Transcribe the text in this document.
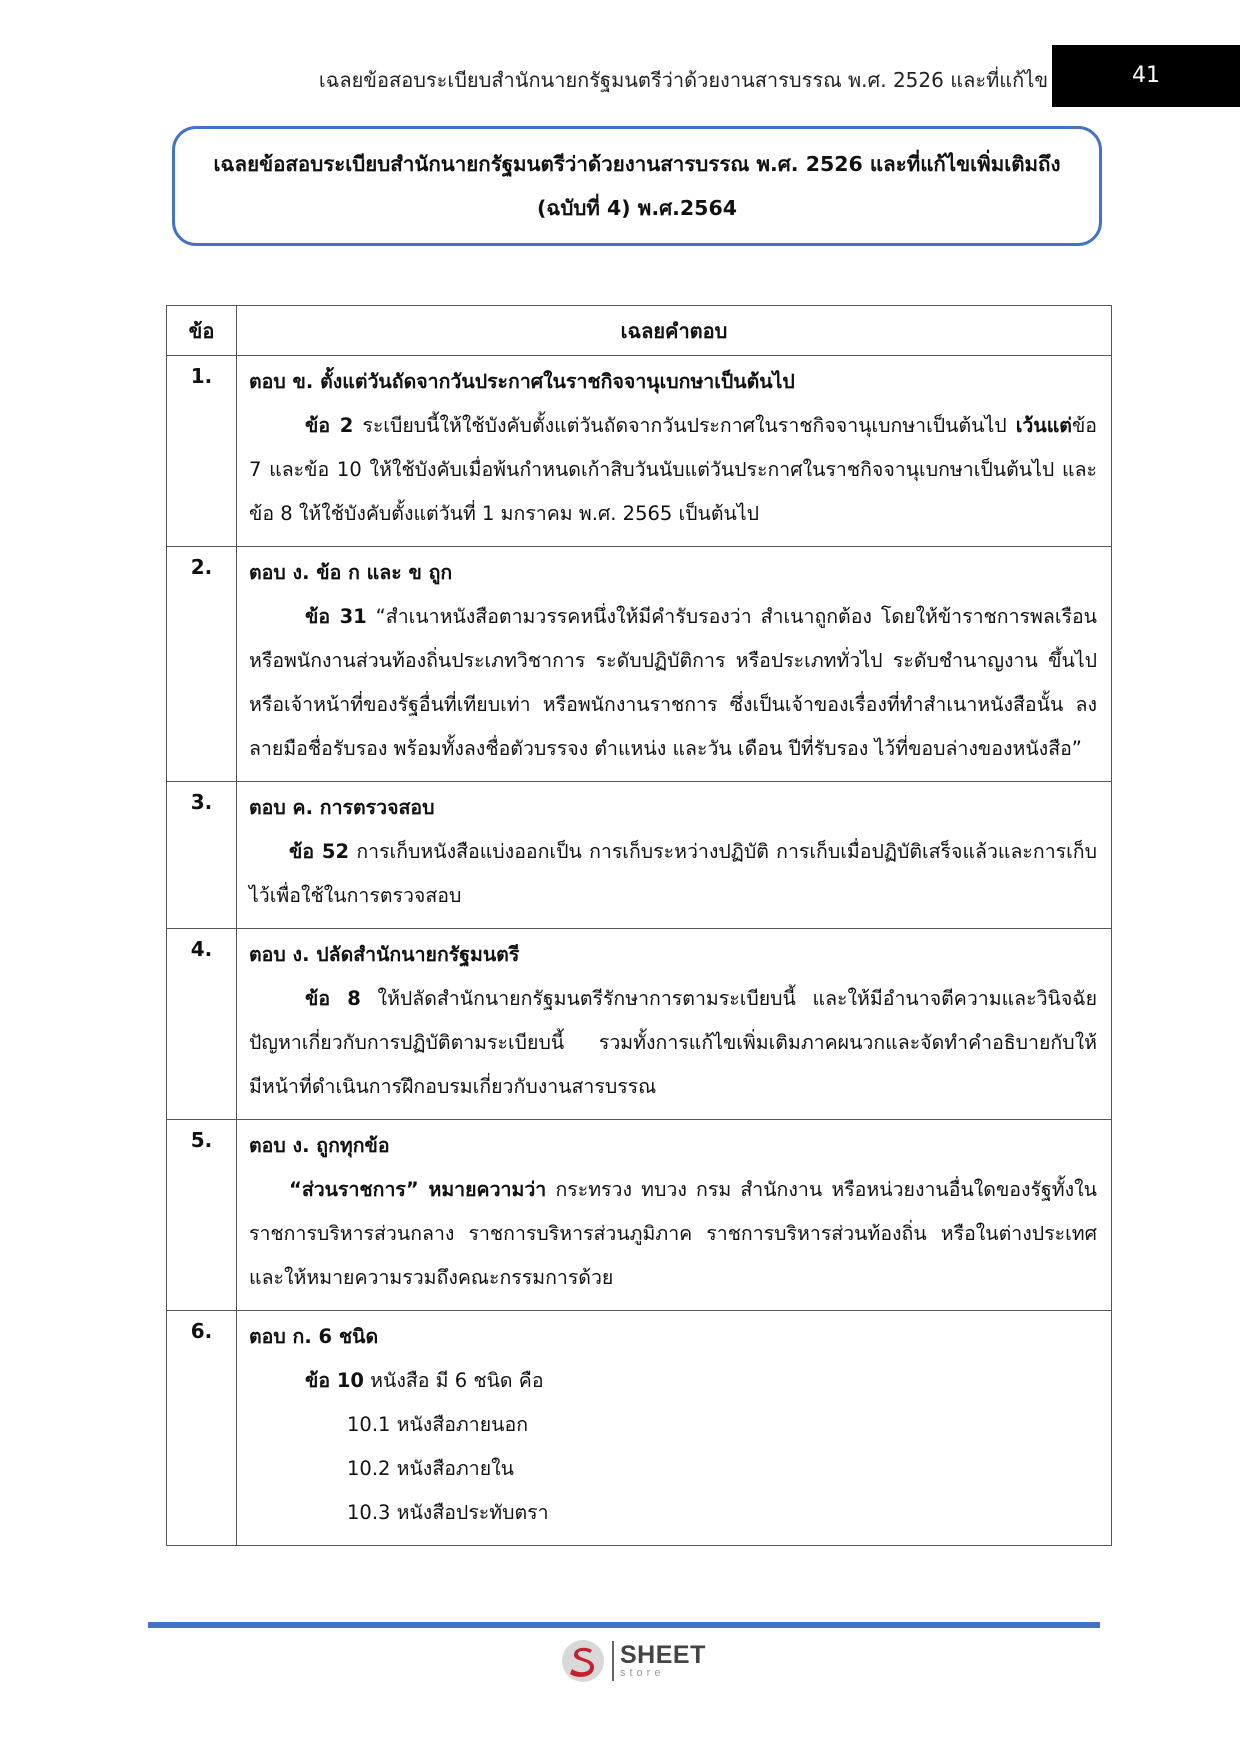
เฉลยข้อสอบระเบียบสำนักนายกรัฐมนตรีว่าด้วยงานสารบรรณ พ.ศ. 2526 และที่แก้ไข	41
เฉลยข้อสอบระเบียบสำนักนายกรัฐมนตรีว่าด้วยงานสารบรรณ พ.ศ. 2526 และที่แก้ไขเพิ่มเติมถึง
(ฉบับที่ 4) พ.ศ.2564
ข้อ	เฉลยคำตอบ
1.	ตอบ ข. ตั้งแต่วันถัดจากวันประกาศในราชกิจจานุเบกษาเป็นต้นไป
ข้อ 2 ระเบียบนี้ให้ใช้บังคับตั้งแต่วันถัดจากวันประกาศในราชกิจจานุเบกษาเป็นต้นไป เว้นแต่ข้อ 7 และข้อ 10 ให้ใช้บังคับเมื่อพ้นกำหนดเก้าสิบวันนับแต่วันประกาศในราชกิจจานุเบกษาเป็นต้นไป และข้อ 8 ให้ใช้บังคับตั้งแต่วันที่ 1 มกราคม พ.ศ. 2565 เป็นต้นไป

2.	ตอบ ง. ข้อ ก และ ข ถูก
ข้อ 31 “สำเนาหนังสือตามวรรคหนึ่งให้มีคำรับรองว่า สำเนาถูกต้อง โดยให้ข้าราชการพลเรือนหรือพนักงานส่วนท้องถิ่นประเภทวิชาการ ระดับปฏิบัติการ หรือประเภททั่วไป ระดับชำนาญงาน ขึ้นไปหรือเจ้าหน้าที่ของรัฐอื่นที่เทียบเท่า หรือพนักงานราชการ ซึ่งเป็นเจ้าของเรื่องที่ทำสำเนาหนังสือนั้น ลงลายมือชื่อรับรอง พร้อมทั้งลงชื่อตัวบรรจง ตำแหน่ง และวัน เดือน ปีที่รับรอง ไว้ที่ขอบล่างของหนังสือ”

3.	ตอบ ค. การตรวจสอบ
ข้อ 52 การเก็บหนังสือแบ่งออกเป็น การเก็บระหว่างปฏิบัติ การเก็บเมื่อปฏิบัติเสร็จแล้วและการเก็บไว้เพื่อใช้ในการตรวจสอบ

4.	ตอบ ง. ปลัดสำนักนายกรัฐมนตรี
ข้อ 8 ให้ปลัดสำนักนายกรัฐมนตรีรักษาการตามระเบียบนี้ และให้มีอำนาจตีความและวินิจฉัยปัญหาเกี่ยวกับการปฏิบัติตามระเบียบนี้ รวมทั้งการแก้ไขเพิ่มเติมภาคผนวกและจัดทำคำอธิบายกับให้มีหน้าที่ดำเนินการฝึกอบรมเกี่ยวกับงานสารบรรณ

5.	ตอบ ง. ถูกทุกข้อ
“ส่วนราชการ” หมายความว่า กระทรวง ทบวง กรม สำนักงาน หรือหน่วยงานอื่นใดของรัฐทั้งในราชการบริหารส่วนกลาง ราชการบริหารส่วนภูมิภาค ราชการบริหารส่วนท้องถิ่น หรือในต่างประเทศและให้หมายความรวมถึงคณะกรรมการด้วย

6.	ตอบ ก. 6 ชนิด
ข้อ 10 หนังสือ มี 6 ชนิด คือ
10.1 หนังสือภายนอก
10.2 หนังสือภายใน
10.3 หนังสือประทับตรา
SHEET
store
